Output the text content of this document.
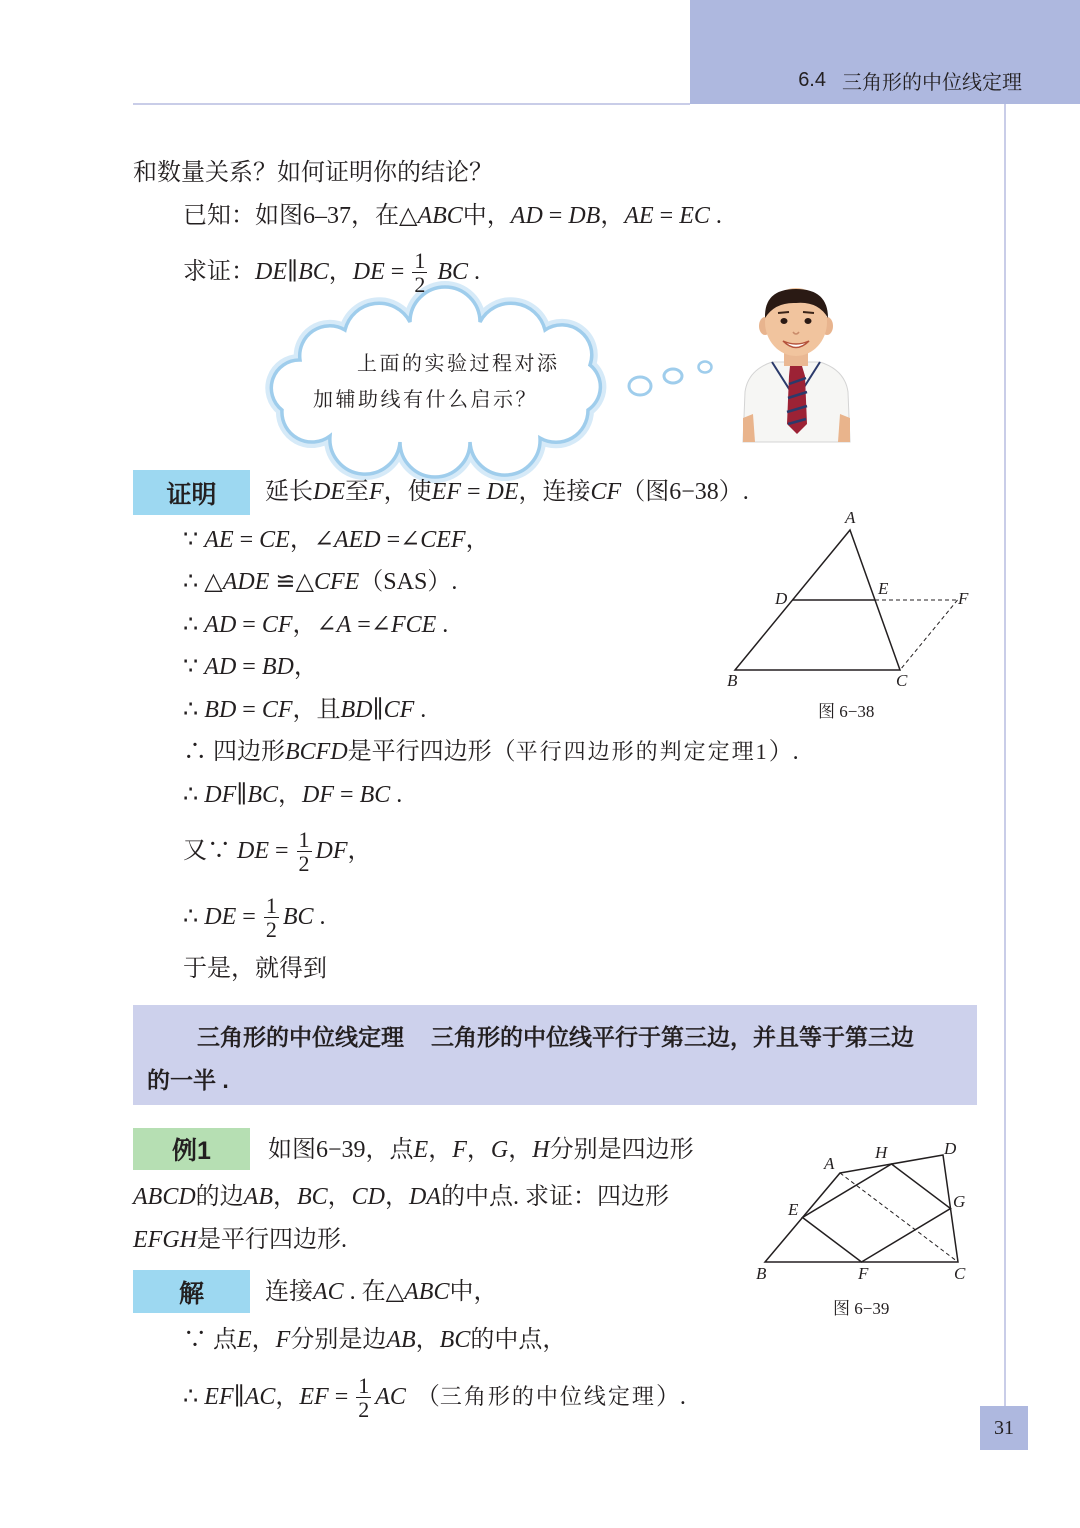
6.4 三角形的中位线定理
上面的实验过程对添
加辅助线有什么启示？
A
D
E
F
B	C
图 6−38
A
H	D
E	G
B	F	C
图 6−39
和数量关系？如何证明你的结论？
已知：如图6–37，在△ ABC 中， AD = DB ， AE = EC .
求证： DE ∥ BC ， DE = $\frac{1}{2}$ BC .
证明	延长 DE 至 F ，使 EF = DE ，连接 CF （图6−38）.
∵ AE = CE ，∠ AED =∠ CEF ，
∴ △ ADE ≌△ CFE （SAS）.
∴ AD = CF ，∠ A =∠ FCE .
∵ AD = BD ，
∴ BD = CF ，且 BD ∥ CF .
∴ 四边形 BCFD 是平行四边形（ 平行四边形的判定定理1 ）.
∴ DF ∥ BC ， DF = BC .
又∵ DE = $\frac{1}{2}$ DF ，
∴ DE = $\frac{1}{2}$ BC .
于是，就得到
三角形的中位线定理 三角形的中位线平行于第三边，并且等于第三边
的一半 .
例1	如图6−39，点 E ， F ， G ， H 分别是四边形
ABCD 的边 AB ， BC ， CD ， DA 的中点. 求证：四边形
EFGH 是平行四边形.
解	连接 AC . 在△ ABC 中，
∵ 点 E ， F 分别是边 AB ， BC 的中点，
∴ EF ∥ AC ， EF = $\frac{1}{2}$ AC （ 三角形的中位线定理 ）.
31
